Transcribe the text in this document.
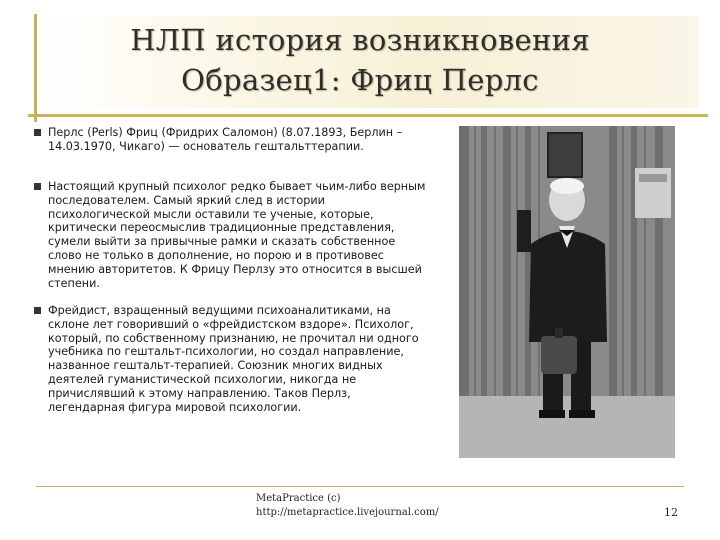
НЛП история возникновения
Образец1: Фриц Перлс
Перлс (Perls) Фриц (Фридрих Саломон) (8.07.1893, Берлин – 14.03.1970, Чикаго) — основатель гештальттерапии.
Настоящий крупный психолог редко бывает чьим-либо верным последователем. Самый яркий след в истории психологической мысли оставили те ученые, которые, критически переосмыслив традиционные представления, сумели выйти за привычные рамки и сказать собственное слово не только в дополнение, но порою и в противовес мнению авторитетов. К Фрицу Перлзу это относится в высшей степени.
Фрейдист, взращенный ведущими психоаналитиками, на склоне лет говоривший о «фрейдистском вздоре». Психолог, который, по собственному признанию, не прочитал ни одного учебника по гештальт-психологии, но создал направление, названное гештальт-терапией. Союзник многих видных деятелей гуманистической психологии, никогда не причислявший к этому направлению. Таков Перлз, легендарная фигура мировой психологии.
MetaPractice (c)
http://metapractice.livejournal.com/	12
